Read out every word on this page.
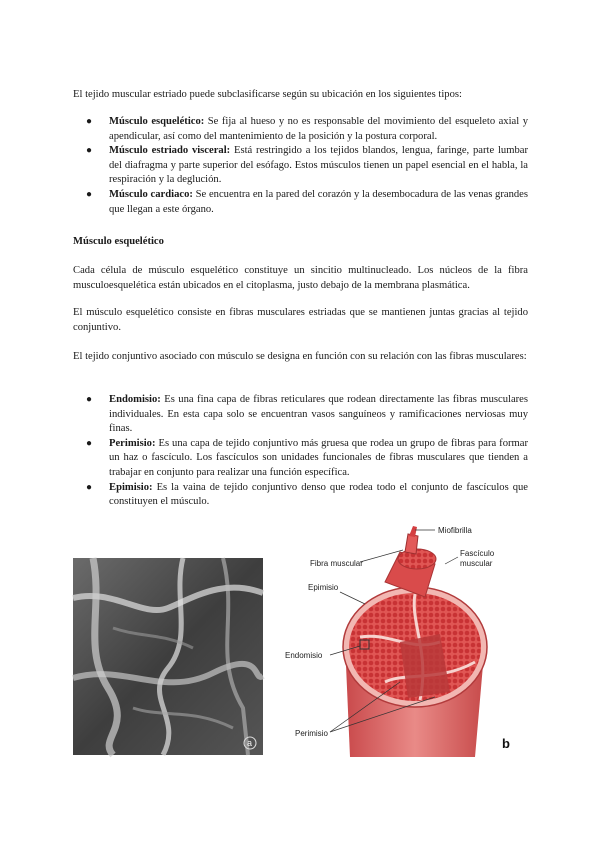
El tejido muscular estriado puede subclasificarse según su ubicación en los siguientes tipos:

● Músculo esquelético: Se fija al hueso y no es responsable del movimiento del esqueleto axial y apendicular, así como del mantenimiento de la posición y la postura corporal.
● Músculo estriado visceral: Está restringido a los tejidos blandos, lengua, faringe, parte lumbar del diafragma y parte superior del esófago. Estos músculos tienen un papel esencial en el habla, la respiración y la deglución.
● Músculo cardiaco: Se encuentra en la pared del corazón y la desembocadura de las venas grandes que llegan a este órgano.
Músculo esquelético

Cada célula de músculo esquelético constituye un sincitio multinucleado. Los núcleos de la fibra musculoesquelética están ubicados en el citoplasma, justo debajo de la membrana plasmática.

El músculo esquelético consiste en fibras musculares estriadas que se mantienen juntas gracias al tejido conjuntivo.

El tejido conjuntivo asociado con músculo se designa en función con su relación con las fibras musculares:

● Endomisio: Es una fina capa de fibras reticulares que rodean directamente las fibras musculares individuales. En esta capa solo se encuentran vasos sanguíneos y ramificaciones nerviosas muy finas.
● Perimisio: Es una capa de tejido conjuntivo más gruesa que rodea un grupo de fibras para formar un haz o fascículo. Los fascículos son unidades funcionales de fibras musculares que tienden a trabajar en conjunto para realizar una función específica.
● Epimisio: Es la vaina de tejido conjuntivo denso que rodea todo el conjunto de fascículos que constituyen el músculo.
a
Miofibrilla
Fibra muscular
Fascículo
muscular
Epimisio
Endomisio
Perimisio
b
